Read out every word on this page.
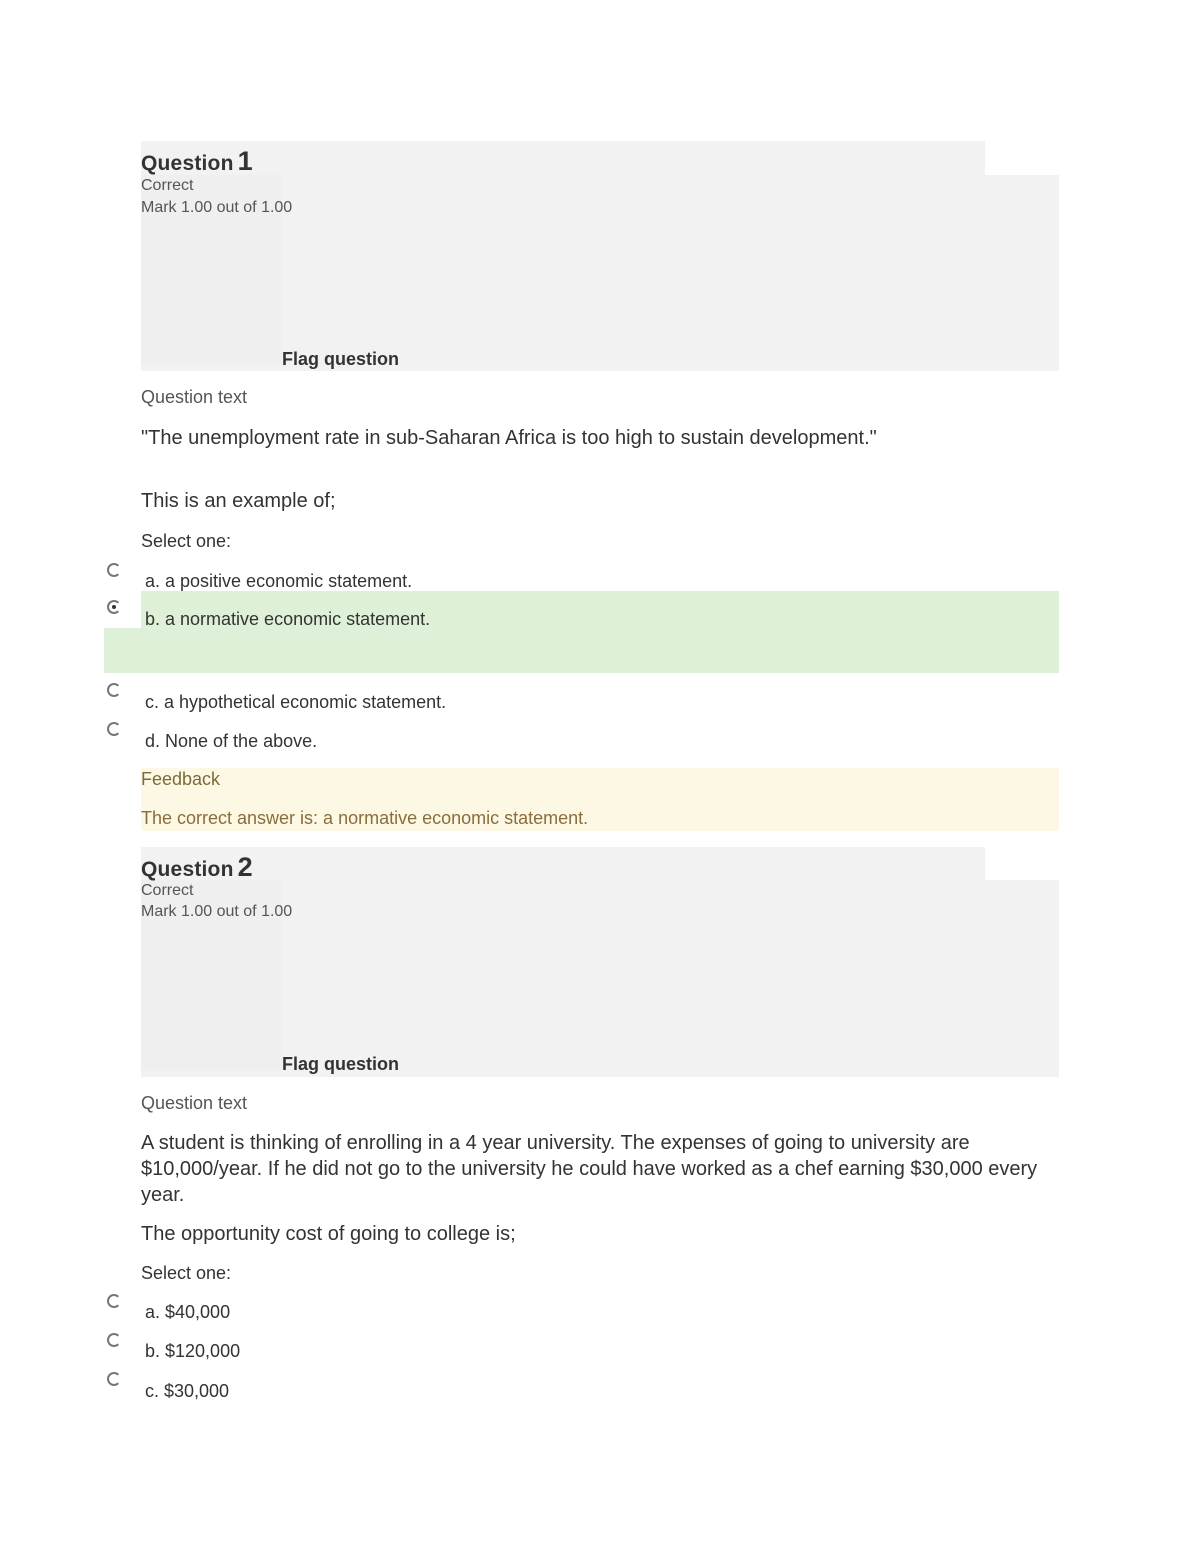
Question 1
Correct
Mark 1.00 out of 1.00
Flag question
Question text
"The unemployment rate in sub-Saharan Africa is too high to sustain development."
This is an example of;
Select one:
a. a positive economic statement.
b. a normative economic statement.
c. a hypothetical economic statement.
d. None of the above.
Feedback
The correct answer is: a normative economic statement.
Question 2
Correct
Mark 1.00 out of 1.00
Flag question
Question text
A student is thinking of enrolling in a 4 year university. The expenses of going to university are $10,000/year. If he did not go to the university he could have worked as a chef earning $30,000 every year.
The opportunity cost of going to college is;
Select one:
a. $40,000
b. $120,000
c. $30,000
